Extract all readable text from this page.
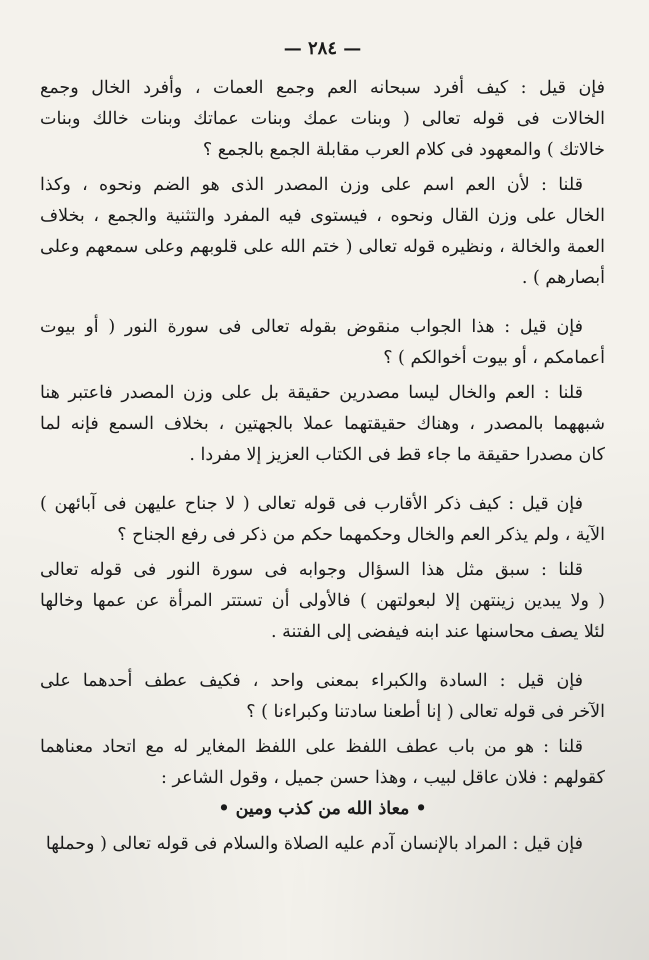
— ٢٨٤ —
فإن قيل : كيف أفرد سبحانه العم وجمع العمات ، وأفرد الخال وجمع
الخالات فى قوله تعالى ( وبنات عمك وبنات عماتك وبنات خالك وبنات
خالاتك ) والمعهود فى كلام العرب مقابلة الجمع بالجمع ؟
قلنا : لأن العم اسم على وزن المصدر الذى هو الضم ونحوه ، وكذا
الخال على وزن القال ونحوه ، فيستوى فيه المفرد والتثنية والجمع ، بخلاف
العمة والخالة ، ونظيره قوله تعالى ( ختم الله على قلوبهم وعلى سمعهم وعلى
أبصارهم ) .
فإن قيل : هذا الجواب منقوض بقوله تعالى فى سورة النور ( أو بيوت
أعمامكم ، أو بيوت أخوالكم ) ؟
قلنا : العم والخال ليسا مصدرين حقيقة بل على وزن المصدر فاعتبر هنا
شبههما بالمصدر ، وهناك حقيقتهما عملا بالجهتين ، بخلاف السمع فإنه لما
كان مصدرا حقيقة ما جاء قط فى الكتاب العزيز إلا مفردا .
فإن قيل : كيف ذكر الأقارب فى قوله تعالى ( لا جناح عليهن فى آبائهن )
الآية ، ولم يذكر العم والخال وحكمهما حكم من ذكر فى رفع الجناح ؟
قلنا : سبق مثل هذا السؤال وجوابه فى سورة النور فى قوله تعالى
( ولا يبدين زينتهن إلا لبعولتهن ) فالأولى أن تستتر المرأة عن عمها وخالها
لئلا يصف محاسنها عند ابنه فيفضى إلى الفتنة .
فإن قيل : السادة والكبراء بمعنى واحد ، فكيف عطف أحدهما على
الآخر فى قوله تعالى ( إنا أطعنا سادتنا وكبراءنا ) ؟
قلنا : هو من باب عطف اللفظ على اللفظ المغاير له مع اتحاد معناهما
كقولهم : فلان عاقل لبيب ، وهذا حسن جميل ، وقول الشاعر :
• معاذ الله من كذب ومين •
فإن قيل : المراد بالإنسان آدم عليه الصلاة والسلام فى قوله تعالى ( وحملها
